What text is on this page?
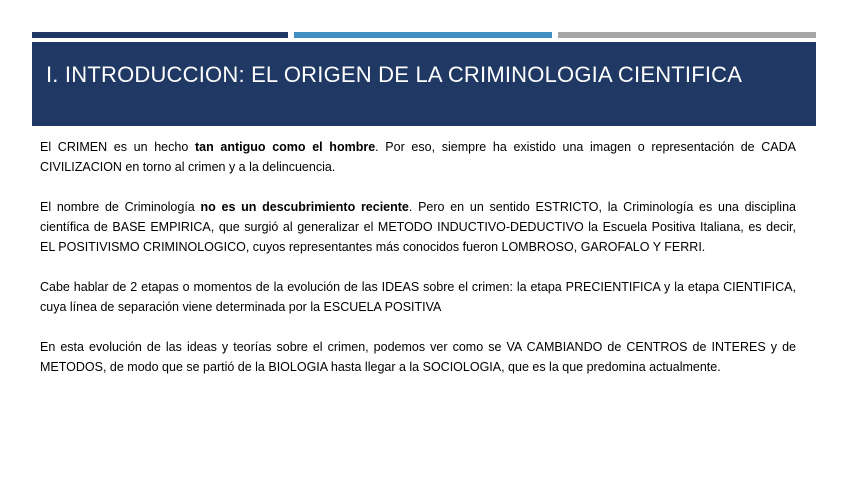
I. INTRODUCCION: EL ORIGEN DE LA CRIMINOLOGIA CIENTIFICA

El CRIMEN es un hecho tan antiguo como el hombre. Por eso, siempre ha existido una imagen o representación de CADA CIVILIZACION en torno al crimen y a la delincuencia.

El nombre de Criminología no es un descubrimiento reciente. Pero en un sentido ESTRICTO, la Criminología es una disciplina científica de BASE EMPIRICA, que surgió al generalizar el METODO INDUCTIVO-DEDUCTIVO la Escuela Positiva Italiana, es decir, EL POSITIVISMO CRIMINOLOGICO, cuyos representantes más conocidos fueron LOMBROSO, GAROFALO Y FERRI.

Cabe hablar de 2 etapas o momentos de la evolución de las IDEAS sobre el crimen: la etapa PRECIENTIFICA y la etapa CIENTIFICA, cuya línea de separación viene determinada por la ESCUELA POSITIVA

En esta evolución de las ideas y teorías sobre el crimen, podemos ver como se VA CAMBIANDO de CENTROS de INTERES y de METODOS, de modo que se partió de la BIOLOGIA hasta llegar a la SOCIOLOGIA, que es la que predomina actualmente.
